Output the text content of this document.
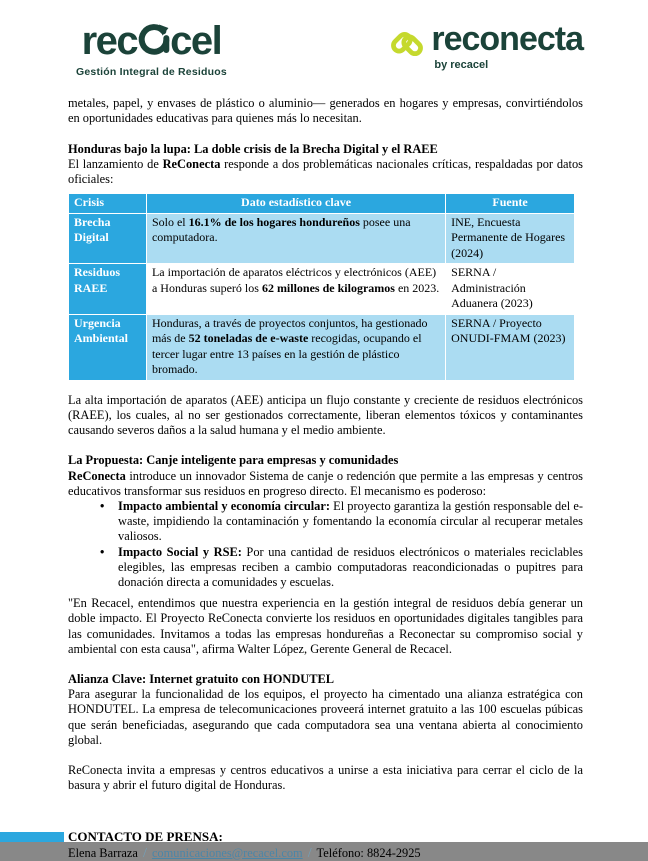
rec cel
Gestión Integral de Residuos
reconecta
by recacel

metales, papel, y envases de plástico o aluminio— generados en hogares y empresas, convirtiéndolos en oportunidades educativas para quienes más lo necesitan.

Honduras bajo la lupa: La doble crisis de la Brecha Digital y el RAEE

El lanzamiento de ReConecta responde a dos problemáticas nacionales críticas, respaldadas por datos oficiales:

Crisis	Dato estadístico clave	Fuente
Brecha Digital	Solo el 16.1% de los hogares hondureños posee una computadora.	INE, Encuesta Permanente de Hogares (2024)
Residuos RAEE	La importación de aparatos eléctricos y electrónicos (AEE) a Honduras superó los 62 millones de kilogramos en 2023.	SERNA / Administración Aduanera (2023)
Urgencia Ambiental	Honduras, a través de proyectos conjuntos, ha gestionado más de 52 toneladas de e-waste recogidas, ocupando el tercer lugar entre 13 países en la gestión de plástico bromado.	SERNA / Proyecto ONUDI-FMAM (2023)

La alta importación de aparatos (AEE) anticipa un flujo constante y creciente de residuos electrónicos (RAEE), los cuales, al no ser gestionados correctamente, liberan elementos tóxicos y contaminantes causando severos daños a la salud humana y el medio ambiente.

La Propuesta: Canje inteligente para empresas y comunidades

ReConecta introduce un innovador Sistema de canje o redención que permite a las empresas y centros educativos transformar sus residuos en progreso directo. El mecanismo es poderoso:

•	Impacto ambiental y economía circular: El proyecto garantiza la gestión responsable del e-waste, impidiendo la contaminación y fomentando la economía circular al recuperar metales valiosos.
•	Impacto Social y RSE: Por una cantidad de residuos electrónicos o materiales reciclables elegibles, las empresas reciben a cambio computadoras reacondicionadas o pupitres para donación directa a comunidades y escuelas.

"En Recacel, entendimos que nuestra experiencia en la gestión integral de residuos debía generar un doble impacto. El Proyecto ReConecta convierte los residuos en oportunidades digitales tangibles para las comunidades. Invitamos a todas las empresas hondureñas a Reconectar su compromiso social y ambiental con esta causa", afirma Walter López, Gerente General de Recacel.

Alianza Clave: Internet gratuito con HONDUTEL

Para asegurar la funcionalidad de los equipos, el proyecto ha cimentado una alianza estratégica con HONDUTEL. La empresa de telecomunicaciones proveerá internet gratuito a las 100 escuelas púbicas que serán beneficiadas, asegurando que cada computadora sea una ventana abierta al conocimiento global.

ReConecta invita a empresas y centros educativos a unirse a esta iniciativa para cerrar el ciclo de la basura y abrir el futuro digital de Honduras.

CONTACTO DE PRENSA:
Elena Barraza / comunicaciones@recacel.com / Teléfono: 8824-2925
